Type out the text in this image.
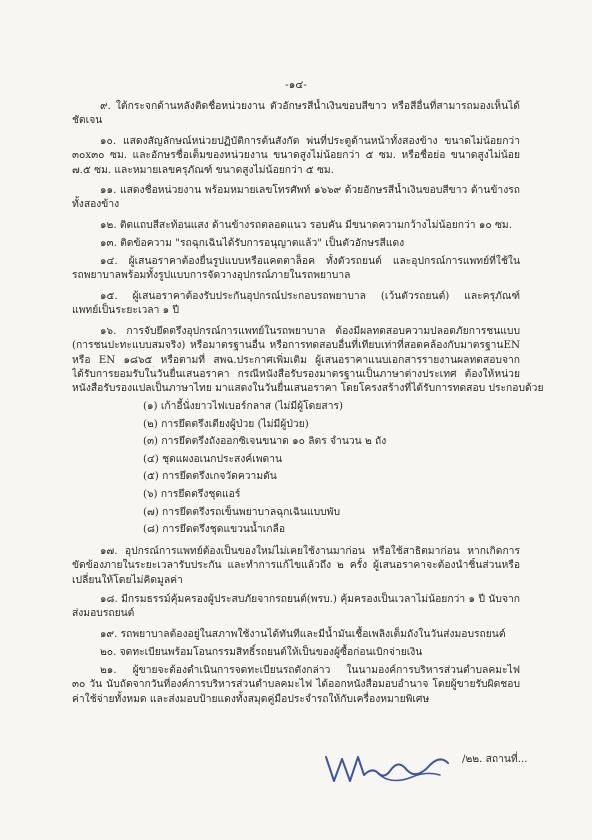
-๑๔-
๙. ใต้กระจกด้านหลังติดชื่อหน่วยงาน ตัวอักษรสีน้ำเงินขอบสีขาว หรือสีอื่นที่สามารถมองเห็นได้
ชัดเจน
๑๐. แสดงสัญลักษณ์หน่วยปฏิบัติการต้นสังกัด พ่นที่ประตูด้านหน้าทั้งสองข้าง ขนาดไม่น้อยกว่า
๓๐x๓๐ ซม. และอักษรชื่อเต็มของหน่วยงาน ขนาดสูงไม่น้อยกว่า ๕ ซม. หรือชื่อย่อ ขนาดสูงไม่น้อย
๗.๕ ซม. และหมายเลขครุภัณฑ์ ขนาดสูงไม่น้อยกว่า ๕ ซม.
๑๑. แสดงชื่อหน่วยงาน พร้อมหมายเลขโทรศัพท์ ๑๖๖๙ ด้วยอักษรสีน้ำเงินขอบสีขาว ด้านข้างรถ
ทั้งสองข้าง
๑๒. ติดแถบสีสะท้อนแสง ด้านข้างรถตลอดแนว รอบคัน มีขนาดความกว้างไม่น้อยกว่า ๑๐ ซม.
๑๓. ติดข้อความ "รถฉุกเฉินได้รับการอนุญาตแล้ว" เป็นตัวอักษรสีแดง
๑๔. ผู้เสนอราคาต้องยื่นรูปแบบหรือแคตตาล็อค ทั้งตัวรถยนต์ และอุปกรณ์การแพทย์ที่ใช้ใน
รถพยาบาลพร้อมทั้งรูปแบบการจัดวางอุปกรณ์ภายในรถพยาบาล
๑๕. ผู้เสนอราคาต้องรับประกันอุปกรณ์ประกอบรถพยาบาล (เว้นตัวรถยนต์) และครุภัณฑ์
แพทย์เป็นระยะเวลา ๑ ปี
๑๖. การจับยึดตรึงอุปกรณ์การแพทย์ในรถพยาบาล ต้องมีผลทดสอบความปลอดภัยการชนแบบ
(การชนปะทะแบบสมจริง) หรือมาตรฐานอื่น หรือการทดสอบอื่นที่เทียบเท่าที่สอดคล้องกับมาตรฐานEN
หรือ EN ๑๘๖๕ หรือตามที่ สพฉ.ประกาศเพิ่มเติม ผู้เสนอราคาแนบเอกสารรายงานผลทดสอบจาก
ได้รับการยอมรับในวันยื่นเสนอราคา กรณีหนังสือรับรองมาตรฐานเป็นภาษาต่างประเทศ ต้องให้หน่วย
หนังสือรับรองแปลเป็นภาษาไทย มาแสดงในวันยื่นเสนอราคา โดยโครงสร้างที่ได้รับการทดสอบ ประกอบด้วย
(๑) เก้าอี้นั่งยาวไฟเบอร์กลาส (ไม่มีผู้โดยสาร)
(๒) การยึดตรึงเตียงผู้ป่วย (ไม่มีผู้ป่วย)
(๓) การยึดตรึงถังออกซิเจนขนาด ๑๐ ลิตร จำนวน ๒ ถัง
(๔) ชุดแผงอเนกประสงค์เพดาน
(๕) การยึดตรึงเกจวัดความดัน
(๖) การยึดตรึงชุดแอร์
(๗) การยึดตรึงรถเข็นพยาบาลฉุกเฉินแบบพับ
(๘) การยึดตรึงชุดแขวนน้ำเกลือ
๑๗. อุปกรณ์การแพทย์ต้องเป็นของใหม่ไม่เคยใช้งานมาก่อน หรือใช้สาธิตมาก่อน หากเกิดการ
ขัดข้องภายในระยะเวลารับประกัน และทำการแก้ไขแล้วถึง ๒ ครั้ง ผู้เสนอราคาจะต้องนำชิ้นส่วนหรือ
เปลี่ยนให้โดยไม่คิดมูลค่า
๑๘. มีกรมธรรม์คุ้มครองผู้ประสบภัยจากรถยนต์(พรบ.) คุ้มครองเป็นเวลาไม่น้อยกว่า ๑ ปี นับจาก
ส่งมอบรถยนต์
๑๙. รถพยาบาลต้องอยู่ในสภาพใช้งานได้ทันทีและมีน้ำมันเชื้อเพลิงเต็มถังในวันส่งมอบรถยนต์
๒๐. จดทะเบียนพร้อมโอนกรรมสิทธิ์รถยนต์ให้เป็นของผู้ซื้อก่อนเบิกจ่ายเงิน
๒๑. ผู้ขายจะต้องดำเนินการจดทะเบียนรถดังกล่าว ในนามองค์การบริหารส่วนตำบลคมะไฟ
๓๐ วัน นับถัดจากวันที่องค์การบริหารส่วนตำบลคมะไฟ ได้ออกหนังสือมอบอำนาจ โดยผู้ขายรับผิดชอบ
ค่าใช้จ่ายทั้งหมด และส่งมอบป้ายแดงทั้งสมุดคู่มือประจำรถให้กับเครื่องหมายพิเศษ
/๒๒. สถานที่...
